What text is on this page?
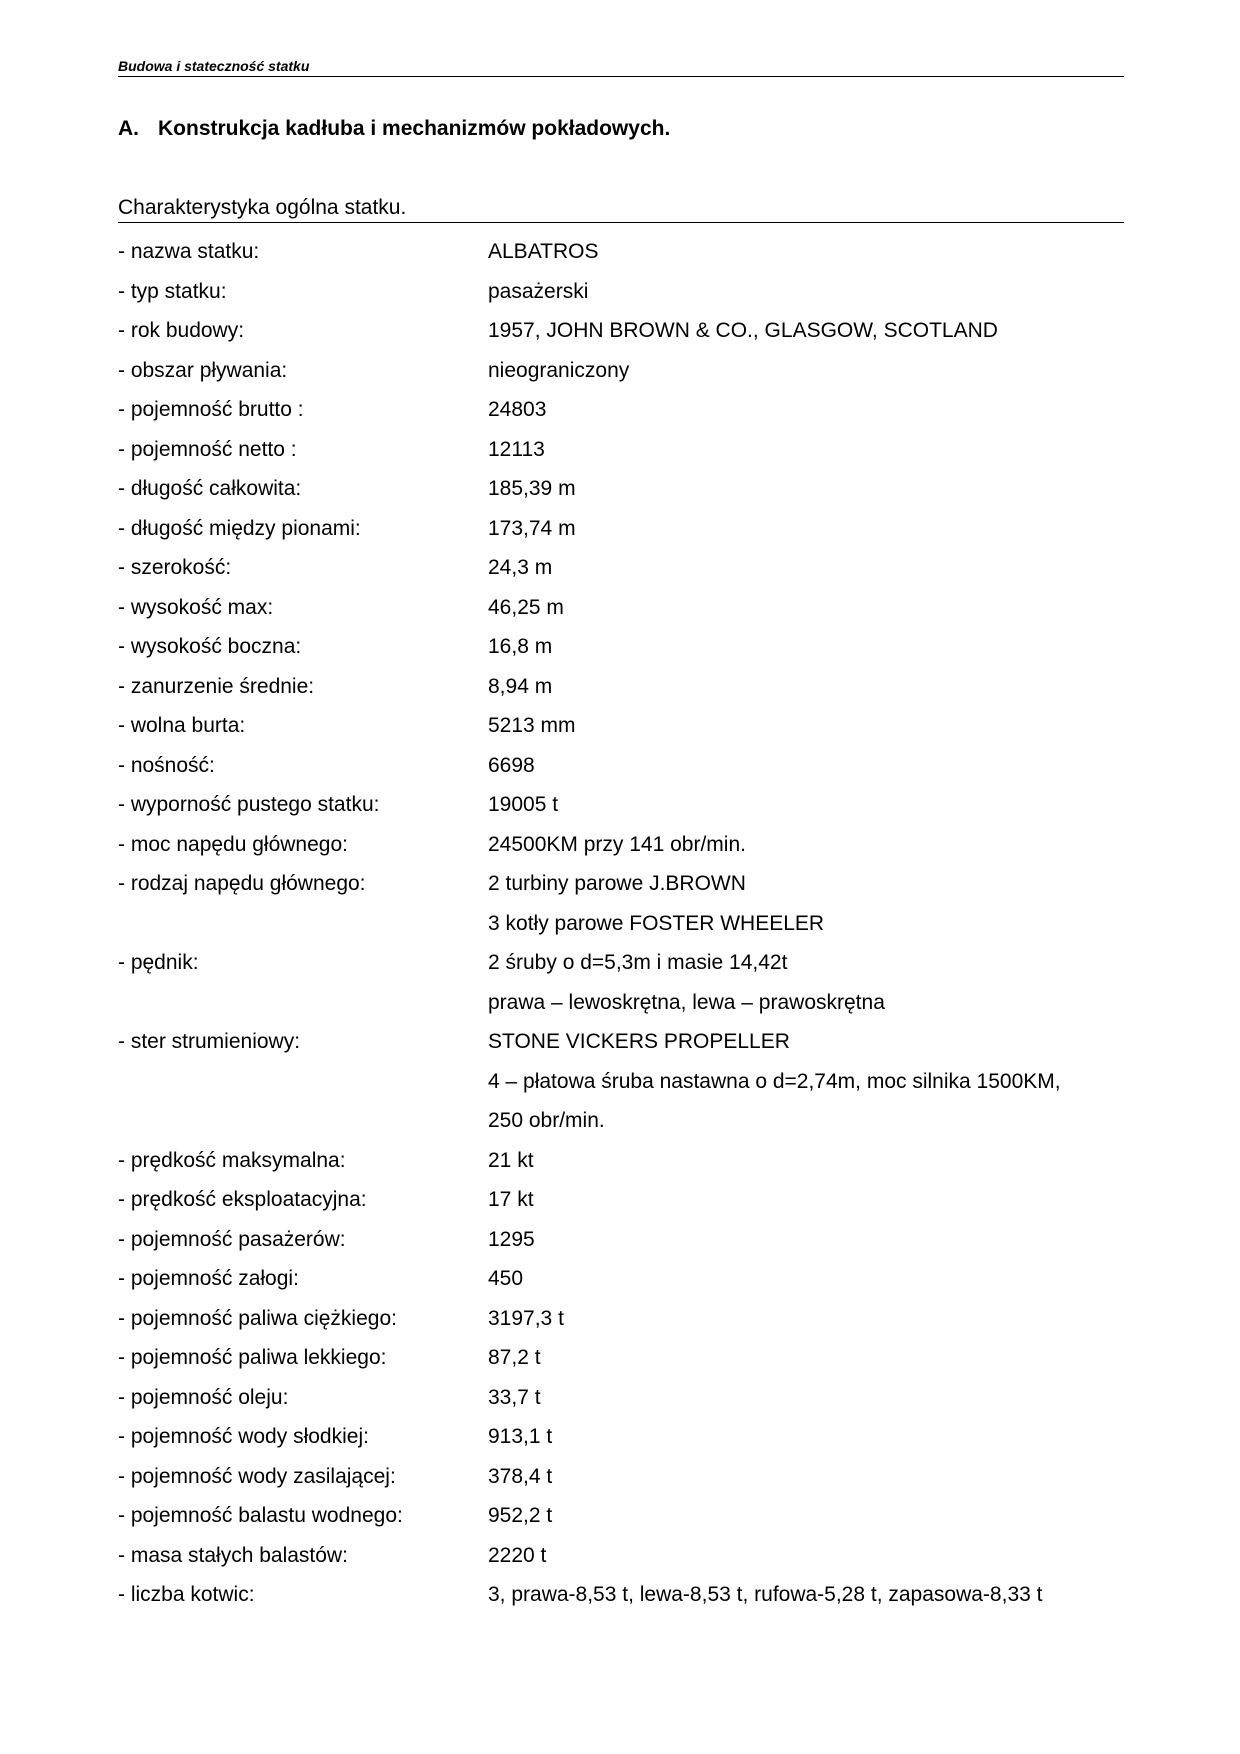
Budowa i stateczność statku
A. Konstrukcja kadłuba i mechanizmów pokładowych.
Charakterystyka ogólna statku.
- nazwa statku:	ALBATROS
- typ statku:	pasażerski
- rok budowy:	1957, JOHN BROWN & CO., GLASGOW, SCOTLAND
- obszar pływania:	nieograniczony
- pojemność brutto :	24803
- pojemność netto :	12113
- długość całkowita:	185,39 m
- długość między pionami:	173,74 m
- szerokość:	24,3 m
- wysokość max:	46,25 m
- wysokość boczna:	16,8 m
- zanurzenie średnie:	8,94 m
- wolna burta:	5213 mm
- nośność:	6698
- wyporność pustego statku:	19005 t
- moc napędu głównego:	24500KM przy 141 obr/min.
- rodzaj napędu głównego:	2 turbiny parowe J.BROWN
3 kotły parowe FOSTER WHEELER
- pędnik:	2 śruby o d=5,3m i masie 14,42t
prawa – lewoskrętna, lewa – prawoskrętna
- ster strumieniowy:	STONE VICKERS PROPELLER
4 – płatowa śruba nastawna o d=2,74m, moc silnika 1500KM,
250 obr/min.
- prędkość maksymalna:	21 kt
- prędkość eksploatacyjna:	17 kt
- pojemność pasażerów:	1295
- pojemność załogi:	450
- pojemność paliwa ciężkiego:	3197,3 t
- pojemność paliwa lekkiego:	87,2 t
- pojemność oleju:	33,7 t
- pojemność wody słodkiej:	913,1 t
- pojemność wody zasilającej:	378,4 t
- pojemność balastu wodnego:	952,2 t
- masa stałych balastów:	2220 t
- liczba kotwic:	3, prawa-8,53 t, lewa-8,53 t, rufowa-5,28 t, zapasowa-8,33 t
